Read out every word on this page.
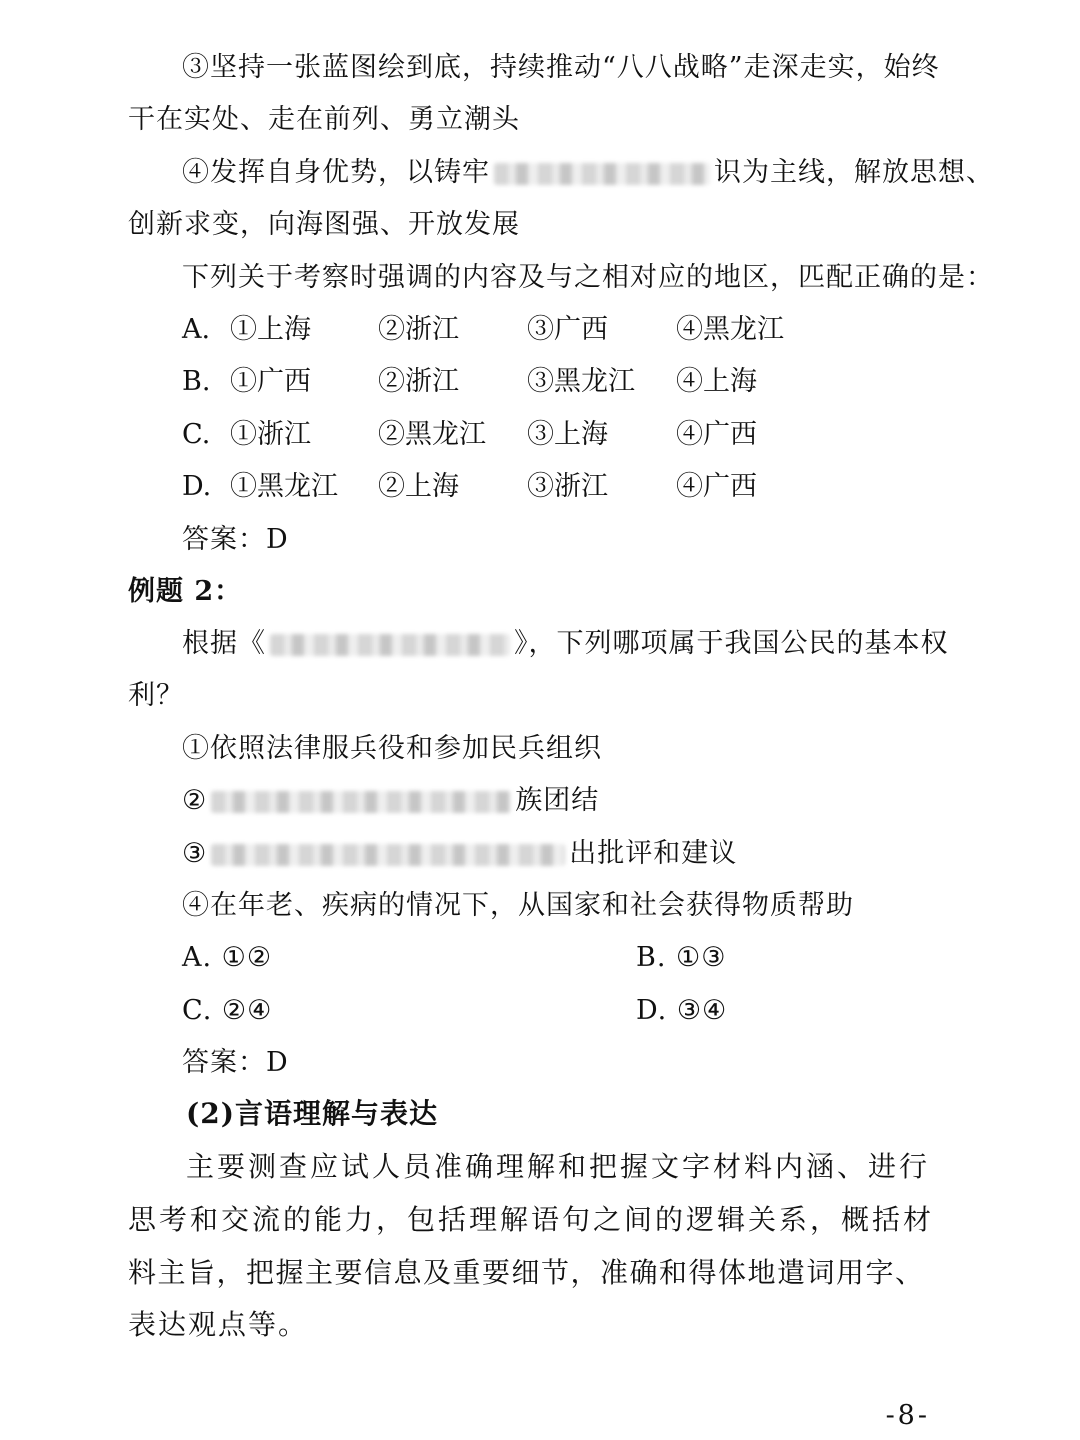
③坚持一张蓝图绘到底，持续推动“八八战略”走深走实，始终
干在实处、走在前列、勇立潮头
④发挥自身优势，以铸牢	识为主线，解放思想、
创新求变，向海图强、开放发展
下列关于考察时强调的内容及与之相对应的地区，匹配正确的是：
A. ①上海 ②浙江	③广西	④黑龙江
B. ①广西 ②浙江	③黑龙江 ④上海
C. ①浙江 ②黑龙江 ③上海	④广西
D. ①黑龙江 ②上海	③浙江	④广西
答案：D
例题 2：
根据《	》，下列哪项属于我国公民的基本权
利？
①依照法律服兵役和参加民兵组织
②	族团结
③	出批评和建议
④在年老、疾病的情况下，从国家和社会获得物质帮助
A. ①②	B. ①③
C. ②④	D. ③④
答案：D
(2)言语理解与表达
主要测查应试人员准确理解和把握文字材料内涵、进行
思考和交流的能力，包括理解语句之间的逻辑关系，概括材
料主旨，把握主要信息及重要细节，准确和得体地遣词用字、
表达观点等。
-8-
